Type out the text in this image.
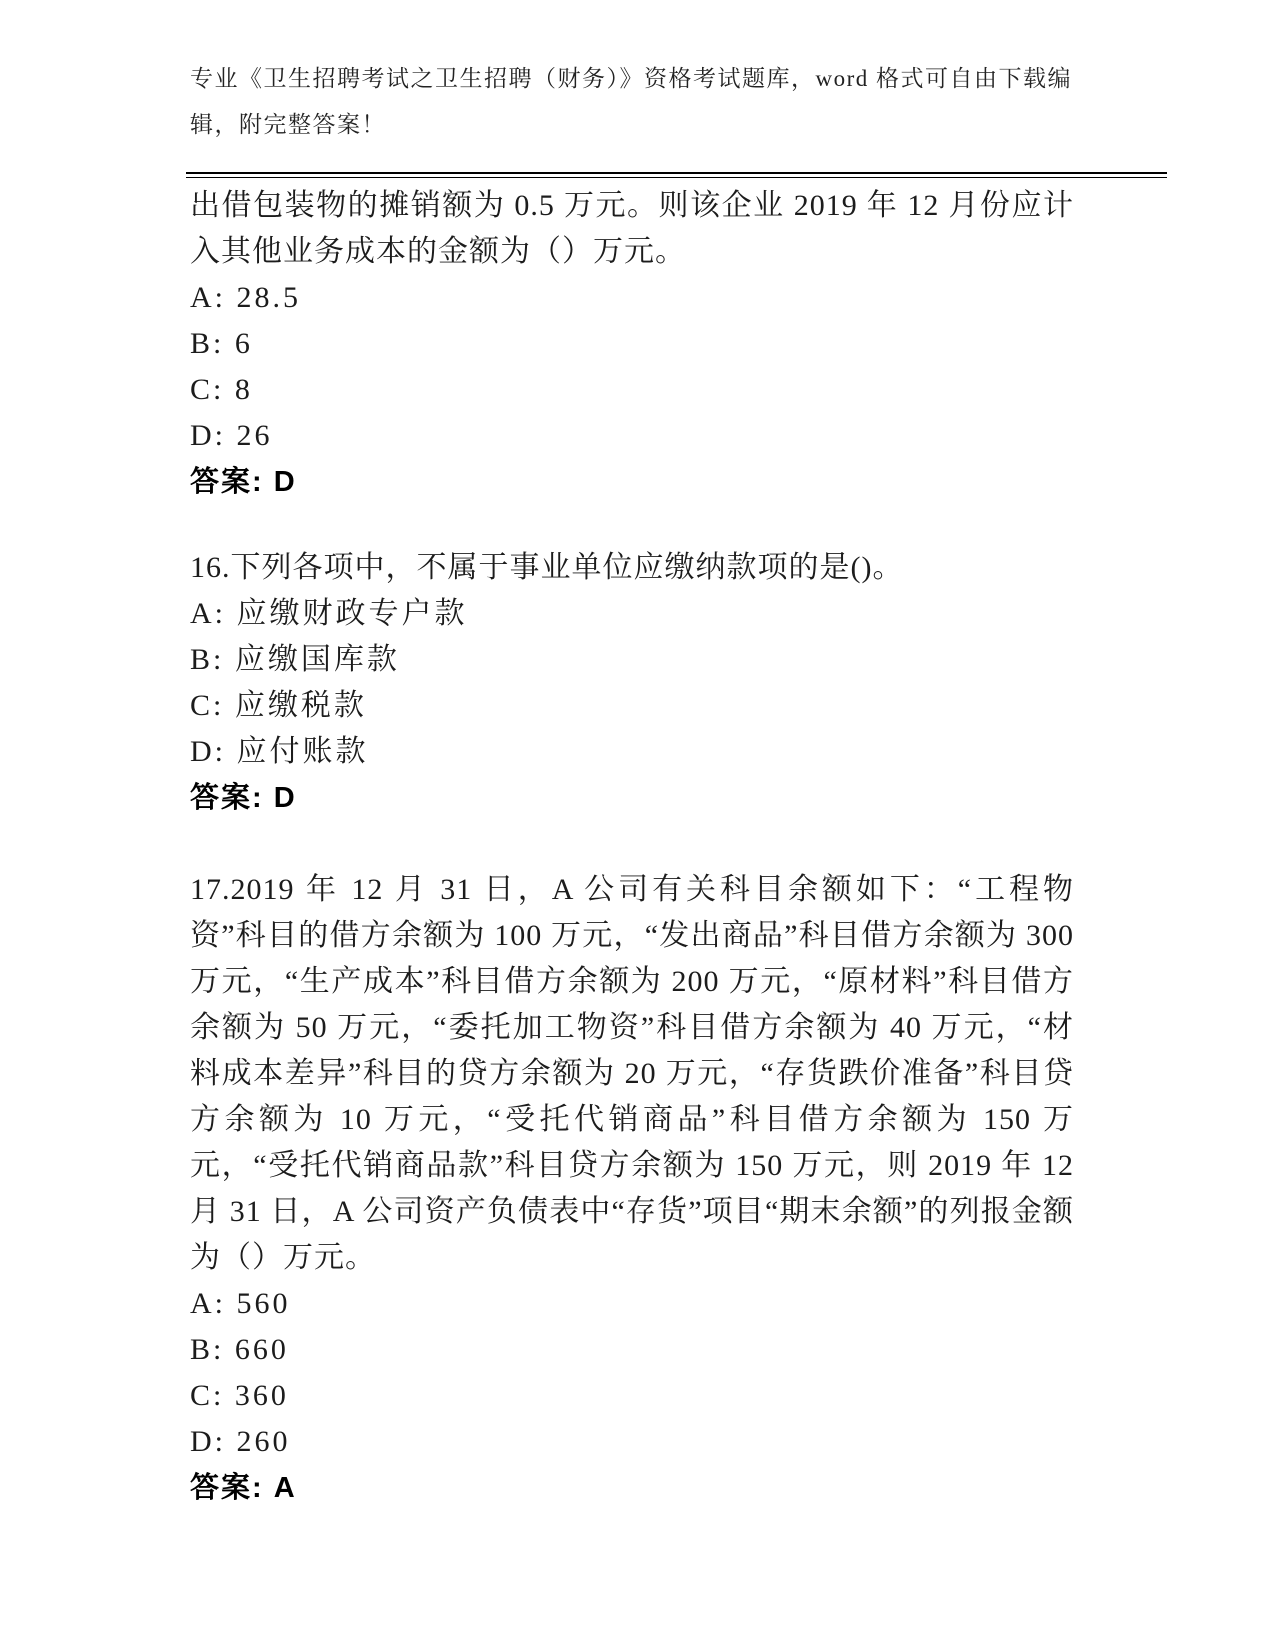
专业《卫生招聘考试之卫生招聘（财务）》资格考试题库，word 格式可自由下载编辑，附完整答案！
出借包装物的摊销额为 0.5 万元。则该企业 2019 年 12 月份应计入其他业务成本的金额为（）万元。
A: 28.5
B: 6
C: 8
D: 26
答案: D
16.下列各项中，不属于事业单位应缴纳款项的是()。
A: 应缴财政专户款
B: 应缴国库款
C: 应缴税款
D: 应付账款
答案: D
17.2019 年 12 月 31 日，A 公司有关科目余额如下：“工程物资”科目的借方余额为 100 万元，“发出商品”科目借方余额为 300 万元，“生产成本”科目借方余额为 200 万元，“原材料”科目借方余额为 50 万元，“委托加工物资”科目借方余额为 40 万元，“材料成本差异”科目的贷方余额为 20 万元，“存货跌价准备”科目贷方余额为 10 万元，“受托代销商品”科目借方余额为 150 万元，“受托代销商品款”科目贷方余额为 150 万元，则 2019 年 12 月 31 日，A 公司资产负债表中“存货”项目“期末余额”的列报金额为（）万元。
A: 560
B: 660
C: 360
D: 260
答案: A
